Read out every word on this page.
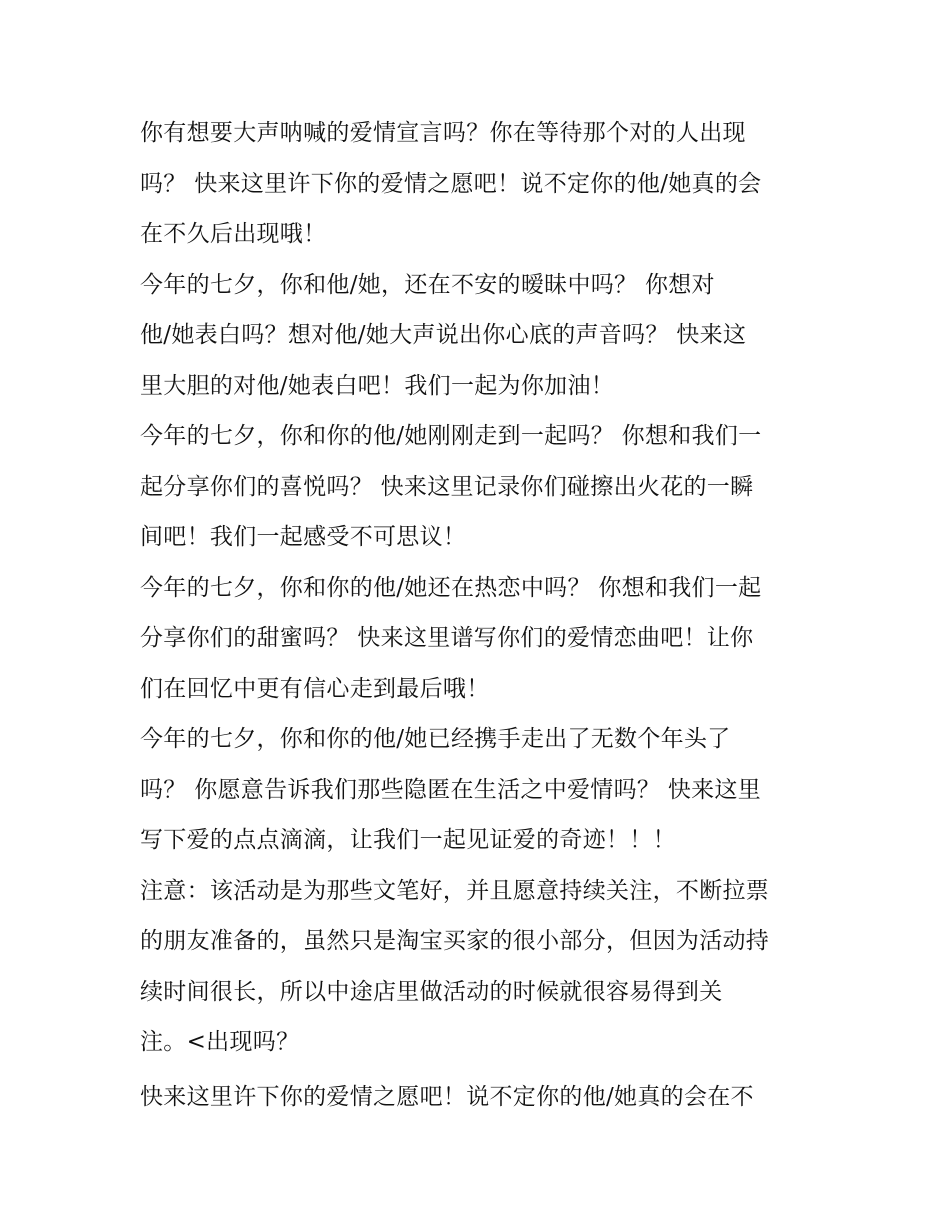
你有想要大声呐喊的爱情宣言吗？你在等待那个对的人出现
吗？ 快来这里许下你的爱情之愿吧！说不定你的他/她真的会
在不久后出现哦！
今年的七夕，你和他/她，还在不安的暧昧中吗？ 你想对
他/她表白吗？想对他/她大声说出你心底的声音吗？ 快来这
里大胆的对他/她表白吧！我们一起为你加油！
今年的七夕，你和你的他/她刚刚走到一起吗？ 你想和我们一
起分享你们的喜悦吗？ 快来这里记录你们碰擦出火花的一瞬
间吧！我们一起感受不可思议！
今年的七夕，你和你的他/她还在热恋中吗？ 你想和我们一起
分享你们的甜蜜吗？ 快来这里谱写你们的爱情恋曲吧！让你
们在回忆中更有信心走到最后哦！
今年的七夕，你和你的他/她已经携手走出了无数个年头了
吗？ 你愿意告诉我们那些隐匿在生活之中爱情吗？ 快来这里
写下爱的点点滴滴，让我们一起见证爱的奇迹！！！
注意：该活动是为那些文笔好，并且愿意持续关注，不断拉票
的朋友准备的，虽然只是淘宝买家的很小部分，但因为活动持
续时间很长，所以中途店里做活动的时候就很容易得到关
注。<出现吗？
快来这里许下你的爱情之愿吧！说不定你的他/她真的会在不
